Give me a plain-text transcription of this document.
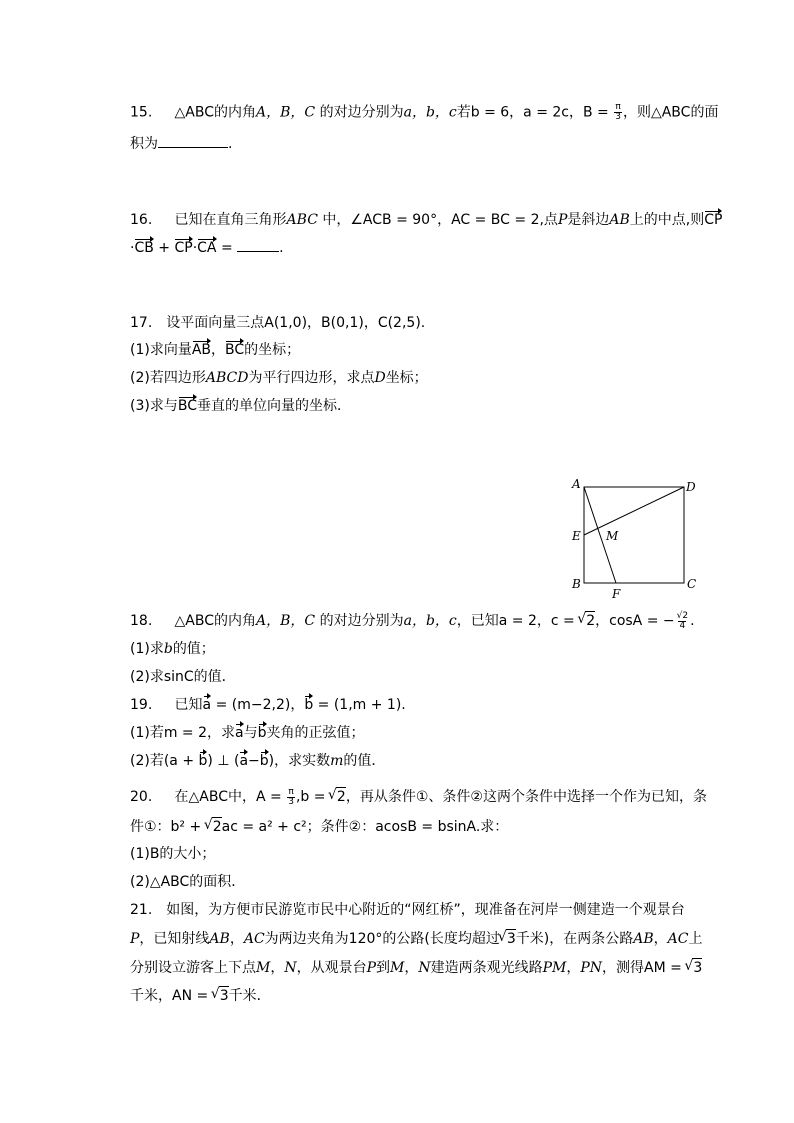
15. △ABC的内角A，B，C 的对边分别为a，b，c若b = 6，a = 2c，$B = \frac{\pi}{3}$ ，则△ABC的面
积为	.
16. 已知在直角三角形ABC 中，∠ACB = 90°，AC = BC = 2,点P是斜边AB上的中点,则CP
·CB + CP·CA =	.
17.　设平面向量三点A(1,0)，B(0,1)，C(2,5).
(1)求向量AB，BC的坐标；
(2)若四边形ABCD为平行四边形，求点D坐标；
(3)求与BC垂直的单位向量的坐标．
A	D
E M
B	C
F
18. △ABC的内角A，B，C 的对边分别为a，b，c，已知a = 2，c = √ 2，cosA = − $\frac{√2}{4}$ .
(1)求b的值；
(2)求sinC的值．
19. 已知a = (m−2,2)，b = (1,m + 1).
(1)若m = 2，求a与b夹角的正弦值；
(2)若(a + b) ⊥ (a−b)，求实数m的值．
20. 在△ABC中，$A = \frac{\pi}{3} ,b$ = √ 2，再从条件①、条件②这两个条件中选择一个作为已知，条
件①：b² + √ 2ac = a² + c²；条件②：acosB = bsinA.求：
(1)B的大小；
(2)△ABC的面积．
21.　如图，为方便市民游览市民中心附近的“网红桥”，现准备在河岸一侧建造一个观景台
P，已知射线AB，AC为两边夹角为120°的公路(长度均超过√ 3千米)，在两条公路AB，AC上
分别设立游客上下点M，N，从观景台P到M，N建造两条观光线路PM，PN，测得AM = √ 3
千米，AN = √ 3千米．
